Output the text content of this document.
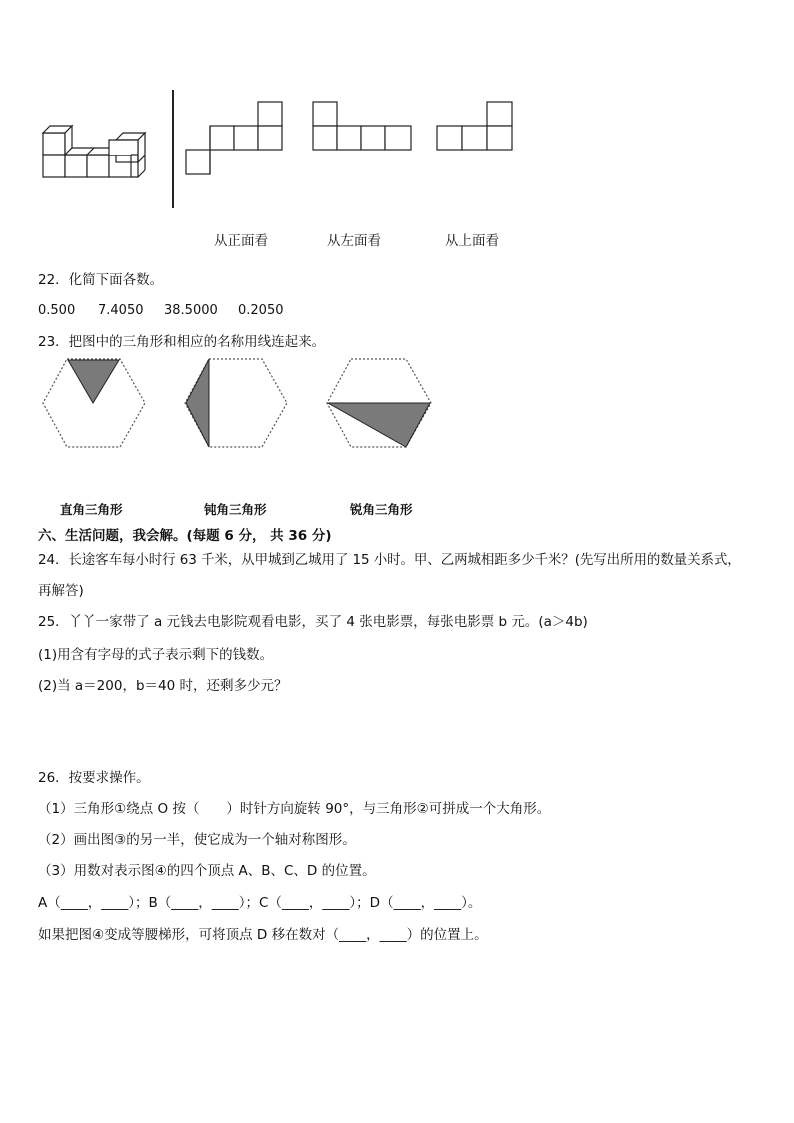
从正面看	从左面看	从上面看
22．化简下面各数。
0.500 7.4050 38.5000 0.2050
23．把图中的三角形和相应的名称用线连起来。
直角三角形	钝角三角形	锐角三角形
六、生活问题，我会解。(每题 6 分， 共 36 分)
24．长途客车每小时行 63 千米，从甲城到乙城用了 15 小时。甲、乙两城相距多少千米？(先写出所用的数量关系式，
再解答)
25．丫丫一家带了 a 元钱去电影院观看电影，买了 4 张电影票，每张电影票 b 元。(a＞4b)
(1)用含有字母的式子表示剩下的钱数。
(2)当 a＝200，b＝40 时，还剩多少元？
26．按要求操作。
（1）三角形①绕点 O 按（　　）时针方向旋转 90°，与三角形②可拼成一个大角形。
（2）画出图③的另一半，使它成为一个轴对称图形。
（3）用数对表示图④的四个顶点 A、B、C、D 的位置。
A（____，____）；B（____，____）；C（____，____）；D（____，____）。
如果把图④变成等腰梯形，可将顶点 D 移在数对（____，____）的位置上。
